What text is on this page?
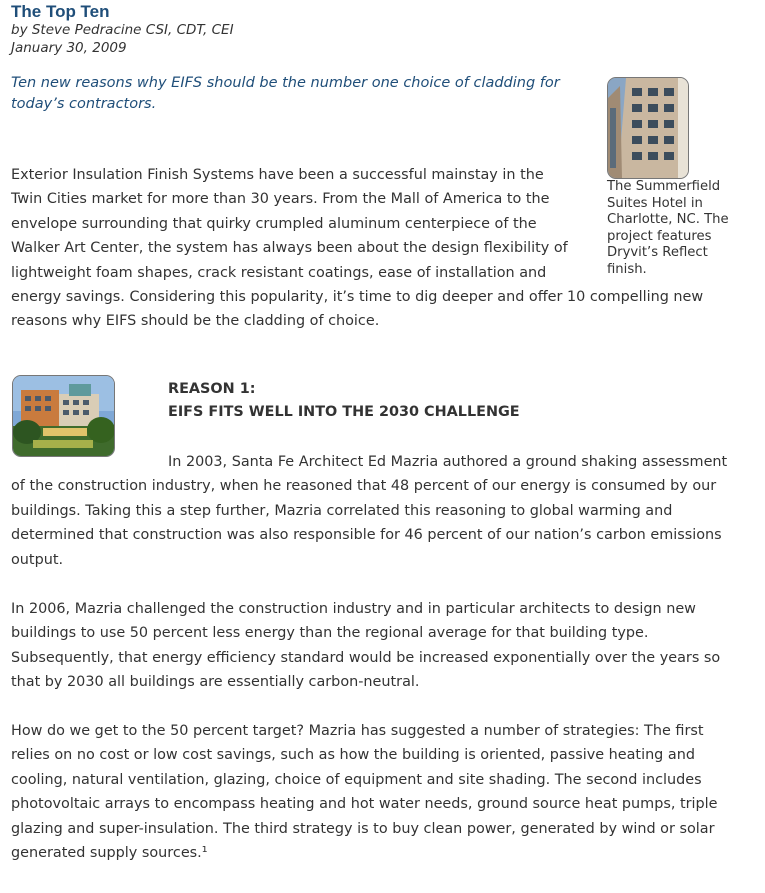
The Top Ten
by Steve Pedracine CSI, CDT, CEI
January 30, 2009
Ten new reasons why EIFS should be the number one choice of cladding for
today’s contractors.
The Summerfield
Suites Hotel in
Charlotte, NC. The
project features
Dryvit’s Reflect
finish.
Exterior Insulation Finish Systems have been a successful mainstay in the
Twin Cities market for more than 30 years. From the Mall of America to the
envelope surrounding that quirky crumpled aluminum centerpiece of the
Walker Art Center, the system has always been about the design flexibility of
lightweight foam shapes, crack resistant coatings, ease of installation and
energy savings. Considering this popularity, it’s time to dig deeper and offer 10 compelling new
reasons why EIFS should be the cladding of choice.
REASON 1:
EIFS FITS WELL INTO THE 2030 CHALLENGE
In 2003, Santa Fe Architect Ed Mazria authored a ground shaking assessment
of the construction industry, when he reasoned that 48 percent of our energy is consumed by our
buildings. Taking this a step further, Mazria correlated this reasoning to global warming and
determined that construction was also responsible for 46 percent of our nation’s carbon emissions
output.
In 2006, Mazria challenged the construction industry and in particular architects to design new
buildings to use 50 percent less energy than the regional average for that building type.
Subsequently, that energy efficiency standard would be increased exponentially over the years so
that by 2030 all buildings are essentially carbon-neutral.
How do we get to the 50 percent target? Mazria has suggested a number of strategies: The first
relies on no cost or low cost savings, such as how the building is oriented, passive heating and
cooling, natural ventilation, glazing, choice of equipment and site shading. The second includes
photovoltaic arrays to encompass heating and hot water needs, ground source heat pumps, triple
glazing and super-insulation. The third strategy is to buy clean power, generated by wind or solar
generated supply sources.¹
